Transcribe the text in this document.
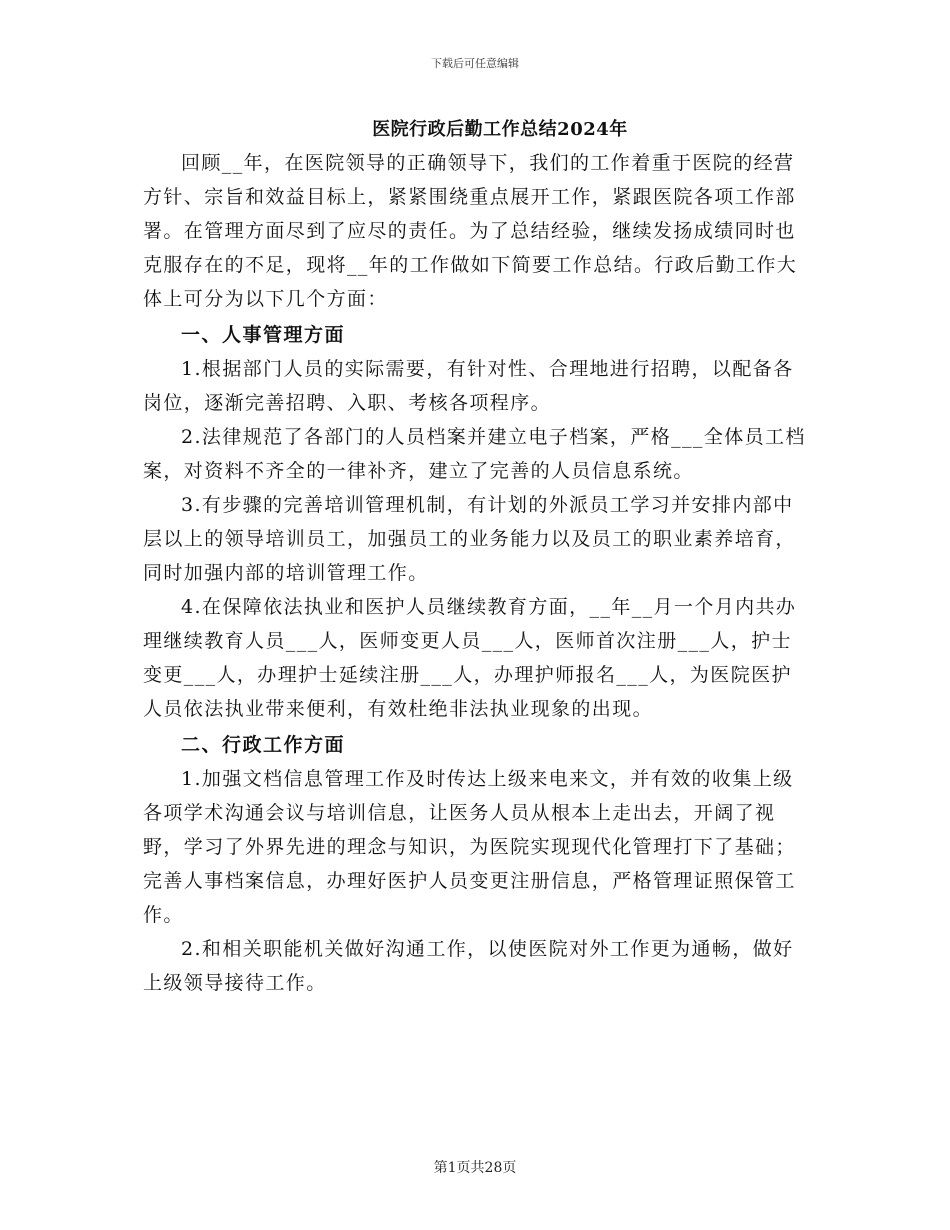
下载后可任意编辑
医院行政后勤工作总结2024年

回顾__年，在医院领导的正确领导下，我们的工作着重于医院的经营方针、宗旨和效益目标上，紧紧围绕重点展开工作，紧跟医院各项工作部署。在管理方面尽到了应尽的责任。为了总结经验，继续发扬成绩同时也克服存在的不足，现将__年的工作做如下简要工作总结。行政后勤工作大体上可分为以下几个方面：

一、人事管理方面

1.根据部门人员的实际需要，有针对性、合理地进行招聘，以配备各岗位，逐渐完善招聘、入职、考核各项程序。

2.法律规范了各部门的人员档案并建立电子档案，严格___全体员工档案，对资料不齐全的一律补齐，建立了完善的人员信息系统。

3.有步骤的完善培训管理机制，有计划的外派员工学习并安排内部中层以上的领导培训员工，加强员工的业务能力以及员工的职业素养培育，同时加强内部的培训管理工作。

4.在保障依法执业和医护人员继续教育方面，__年__月一个月内共办理继续教育人员___人，医师变更人员___人，医师首次注册___人，护士变更___人，办理护士延续注册___人，办理护师报名___人，为医院医护人员依法执业带来便利，有效杜绝非法执业现象的出现。

二、行政工作方面

1.加强文档信息管理工作及时传达上级来电来文，并有效的收集上级各项学术沟通会议与培训信息，让医务人员从根本上走出去，开阔了视野，学习了外界先进的理念与知识，为医院实现现代化管理打下了基础；完善人事档案信息，办理好医护人员变更注册信息，严格管理证照保管工作。

2.和相关职能机关做好沟通工作，以使医院对外工作更为通畅，做好上级领导接待工作。

第1页共28页
